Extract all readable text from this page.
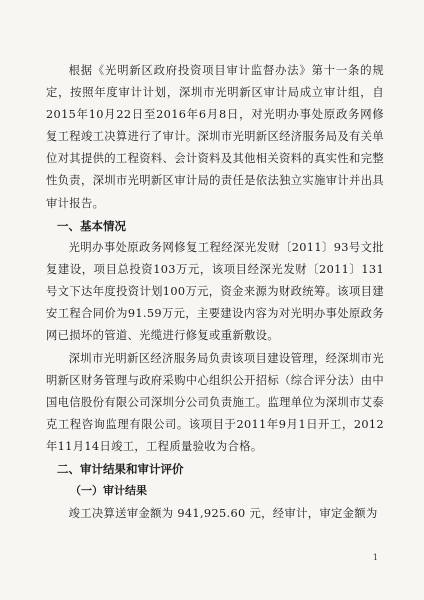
根据《光明新区政府投资项目审计监督办法》第十一条的规定，按照年度审计计划，深圳市光明新区审计局成立审计组，自2015年10月22日至2016年6月8日，对光明办事处原政务网修复工程竣工决算进行了审计。深圳市光明新区经济服务局及有关单位对其提供的工程资料、会计资料及其他相关资料的真实性和完整性负责，深圳市光明新区审计局的责任是依法独立实施审计并出具审计报告。

一、基本情况

光明办事处原政务网修复工程经深光发财〔2011〕93号文批复建设，项目总投资103万元，该项目经深光发财〔2011〕131号文下达年度投资计划100万元，资金来源为财政统筹。该项目建安工程合同价为91.59万元，主要建设内容为对光明办事处原政务网已损坏的管道、光缆进行修复或重新敷设。

深圳市光明新区经济服务局负责该项目建设管理，经深圳市光明新区财务管理与政府采购中心组织公开招标（综合评分法）由中国电信股份有限公司深圳分公司负责施工。监理单位为深圳市艾泰克工程咨询监理有限公司。该项目于2011年9月1日开工，2012年11月14日竣工，工程质量验收为合格。

二、审计结果和审计评价
（一）审计结果

竣工决算送审金额为 941,925.60 元，经审计，审定金额为

1
